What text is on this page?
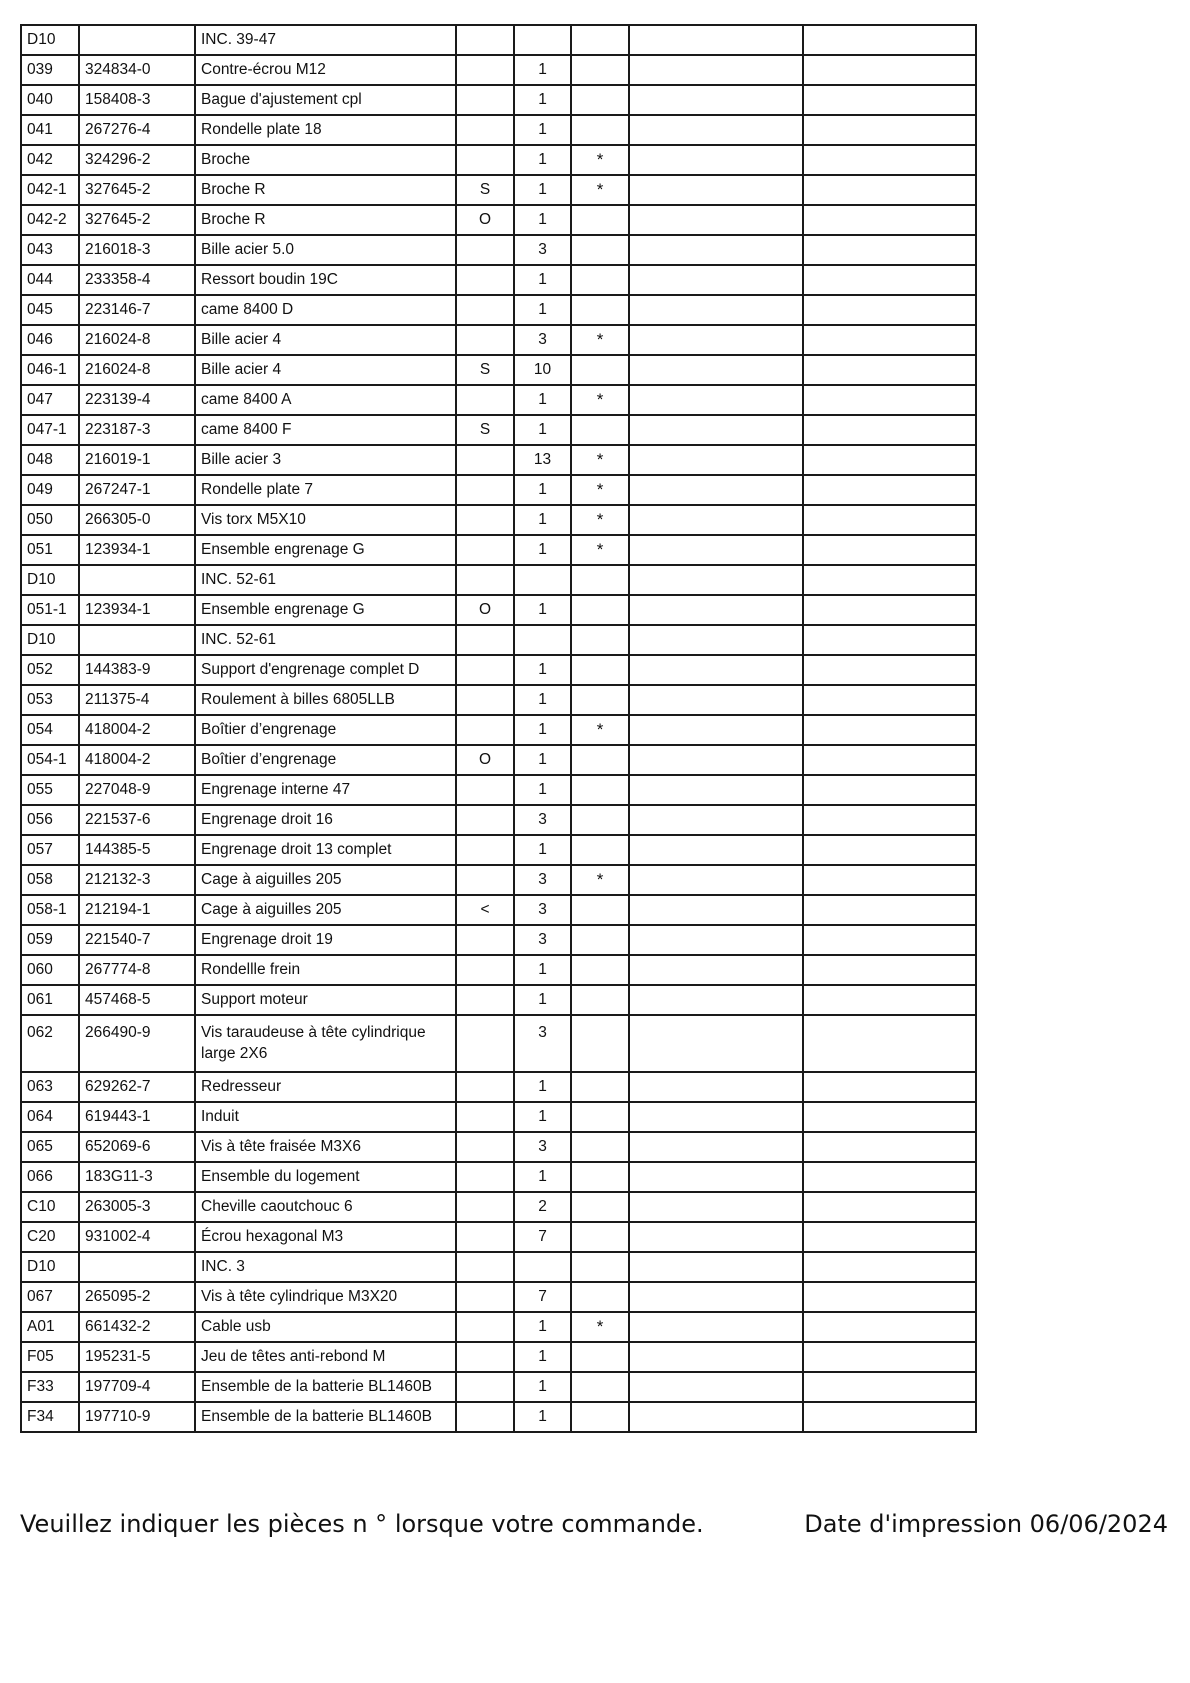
D10		INC. 39-47					
039	324834-0	Contre-écrou M12		1			
040	158408-3	Bague d'ajustement cpl		1			
041	267276-4	Rondelle plate 18		1			
042	324296-2	Broche		1	*		
042-1	327645-2	Broche R	S	1	*		
042-2	327645-2	Broche R	O	1			
043	216018-3	Bille acier 5.0		3			
044	233358-4	Ressort boudin 19C		1			
045	223146-7	came 8400 D		1			
046	216024-8	Bille acier 4		3	*		
046-1	216024-8	Bille acier 4	S	10			
047	223139-4	came 8400 A		1	*		
047-1	223187-3	came 8400 F	S	1			
048	216019-1	Bille acier 3		13	*		
049	267247-1	Rondelle plate 7		1	*		
050	266305-0	Vis torx M5X10		1	*		
051	123934-1	Ensemble engrenage G		1	*		
D10		INC. 52-61					
051-1	123934-1	Ensemble engrenage G	O	1			
D10		INC. 52-61					
052	144383-9	Support d'engrenage complet D		1			
053	211375-4	Roulement à billes 6805LLB		1			
054	418004-2	Boîtier d’engrenage		1	*		
054-1	418004-2	Boîtier d’engrenage	O	1			
055	227048-9	Engrenage interne 47		1			
056	221537-6	Engrenage droit 16		3			
057	144385-5	Engrenage droit 13 complet		1			
058	212132-3	Cage à aiguilles 205		3	*		
058-1	212194-1	Cage à aiguilles 205	<	3			
059	221540-7	Engrenage droit 19		3			
060	267774-8	Rondellle frein		1			
061	457468-5	Support moteur		1			
062	266490-9	Vis taraudeuse à tête cylindrique large 2X6		3			
063	629262-7	Redresseur		1			
064	619443-1	Induit		1			
065	652069-6	Vis à tête fraisée M3X6		3			
066	183G11-3	Ensemble du logement		1			
C10	263005-3	Cheville caoutchouc 6		2			
C20	931002-4	Écrou hexagonal M3		7			
D10		INC. 3					
067	265095-2	Vis à tête cylindrique M3X20		7			
A01	661432-2	Cable usb		1	*		
F05	195231-5	Jeu de têtes anti-rebond M		1			
F33	197709-4	Ensemble de la batterie BL1460B		1			
F34	197710-9	Ensemble de la batterie BL1460B		1			
Veuillez indiquer les pièces n ° lorsque votre commande.	Date d'impression 06/06/2024
